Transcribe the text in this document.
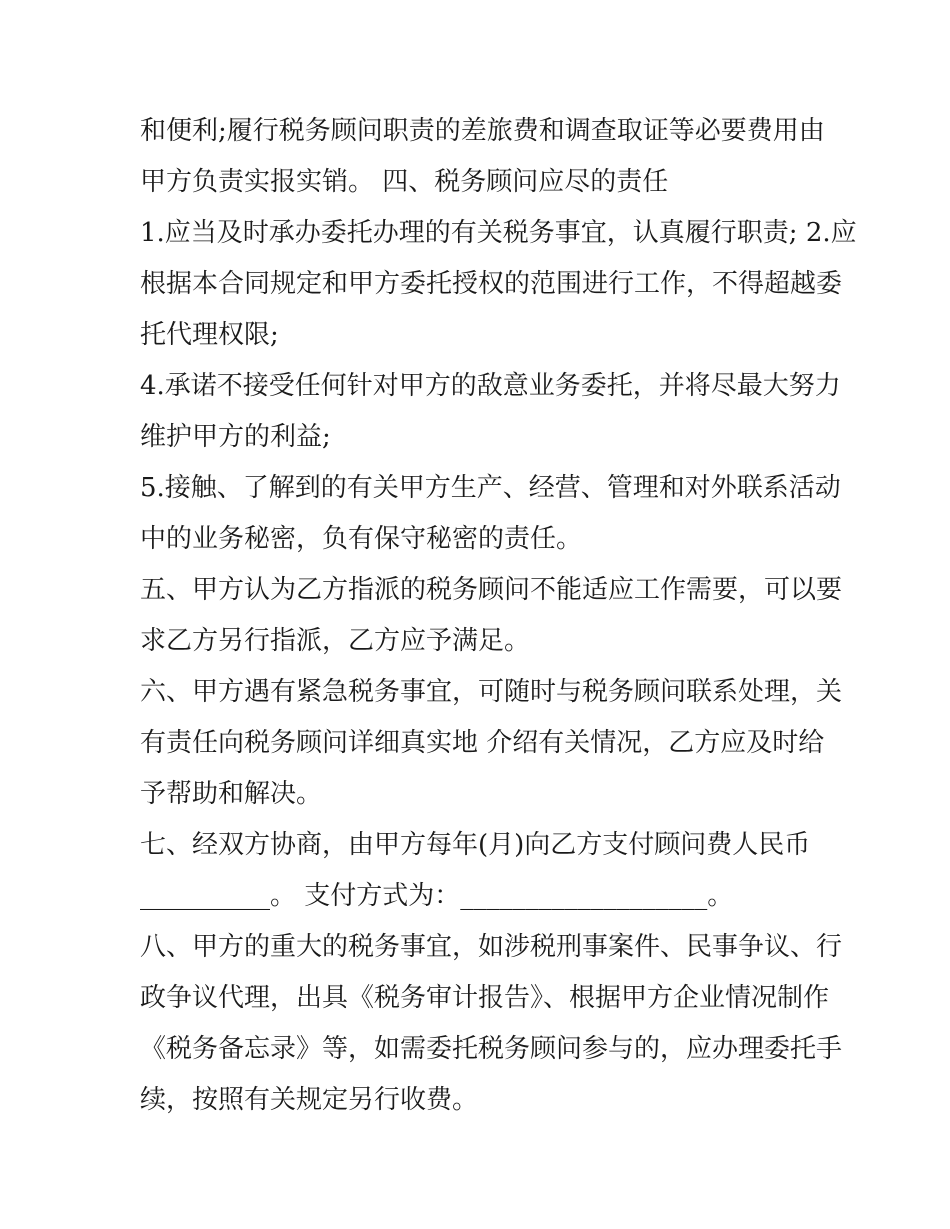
和便利;履行税务顾问职责的差旅费和调查取证等必要费用由

甲方负责实报实销。 四、税务顾问应尽的责任

1.应当及时承办委托办理的有关税务事宜，认真履行职责; 2.应

根据本合同规定和甲方委托授权的范围进行工作，不得超越委

托代理权限;

4.承诺不接受任何针对甲方的敌意业务委托，并将尽最大努力

维护甲方的利益;

5.接触、了解到的有关甲方生产、经营、管理和对外联系活动

中的业务秘密，负有保守秘密的责任。

五、甲方认为乙方指派的税务顾问不能适应工作需要，可以要

求乙方另行指派，乙方应予满足。

六、甲方遇有紧急税务事宜，可随时与税务顾问联系处理，关

有责任向税务顾问详细真实地 介绍有关情况，乙方应及时给

予帮助和解决。

七、经双方协商，由甲方每年(月)向乙方支付顾问费人民币

__________。 支付方式为：___________________。

八、甲方的重大的税务事宜，如涉税刑事案件、民事争议、行

政争议代理，出具《税务审计报告》、根据甲方企业情况制作

《税务备忘录》等，如需委托税务顾问参与的，应办理委托手

续，按照有关规定另行收费。
